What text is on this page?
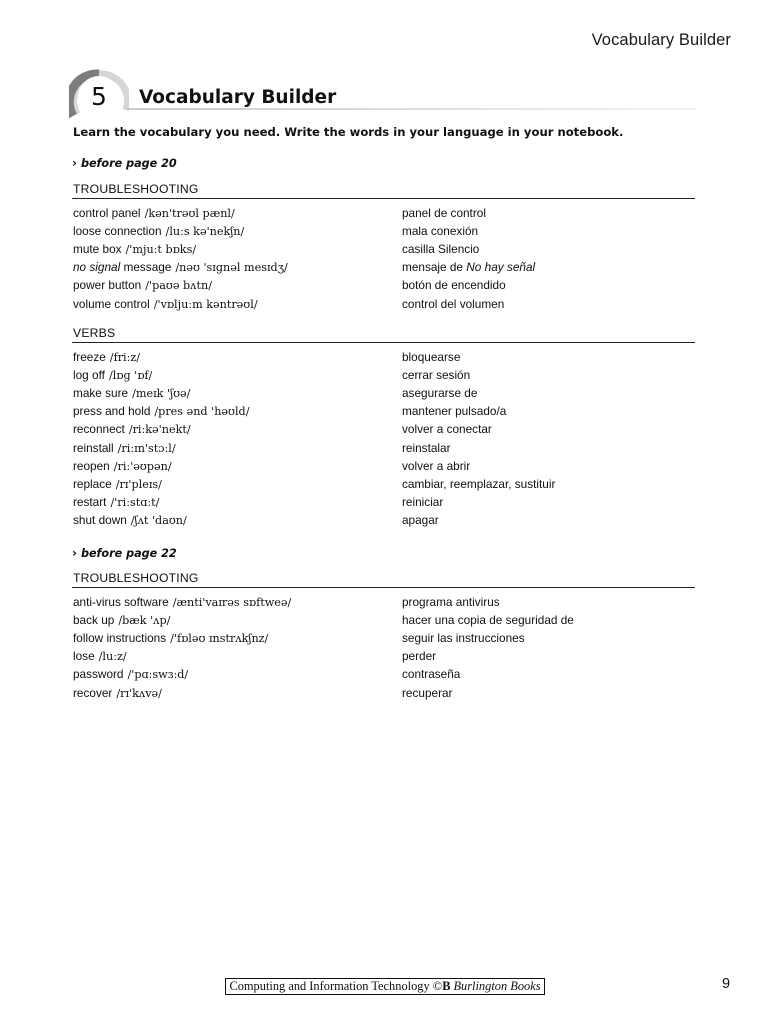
Vocabulary Builder
5 Vocabulary Builder
Learn the vocabulary you need. Write the words in your language in your notebook.
› before page 20
TROUBLESHOOTING
control panel /kən'trəʊl pænl/	panel de control
loose connection /luːs kə'nekʃn/	mala conexión
mute box /'mjuːt bɒks/	casilla Silencio
no signal message /nəʊ 'sɪgnəl mesɪdʒ/	mensaje de No hay señal
power button /'paʊə bʌtn/	botón de encendido
volume control /'vɒljuːm kəntrəʊl/	control del volumen
VERBS
freeze /friːz/	bloquearse
log off /lɒg 'ɒf/	cerrar sesión
make sure /meɪk 'ʃʊə/	asegurarse de
press and hold /pres ənd 'həʊld/	mantener pulsado/a
reconnect /riːkə'nekt/	volver a conectar
reinstall /riːɪn'stɔːl/	reinstalar
reopen /riː'əʊpən/	volver a abrir
replace /rɪ'pleɪs/	cambiar, reemplazar, sustituir
restart /'riːstɑːt/	reiniciar
shut down /ʃʌt 'daʊn/	apagar
› before page 22
TROUBLESHOOTING
anti-virus software /ænti'vaɪrəs sɒftweə/	programa antivirus
back up /bæk 'ʌp/	hacer una copia de seguridad de
follow instructions /'fɒləʊ ɪnstrʌkʃnz/	seguir las instrucciones
lose /luːz/	perder
password /'pɑːswɜːd/	contraseña
recover /rɪ'kʌvə/	recuperar
Computing and Information Technology © B Burlington Books	9
